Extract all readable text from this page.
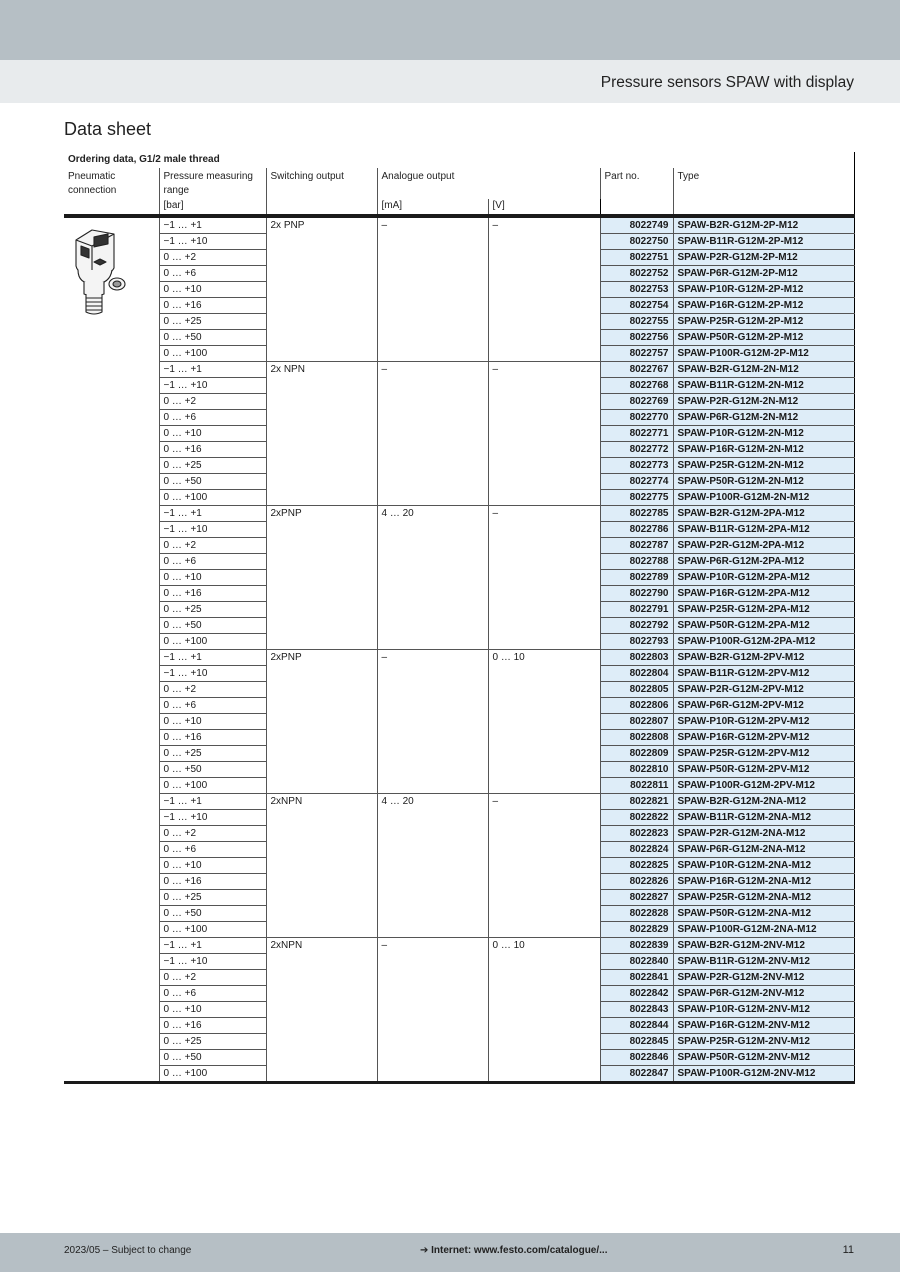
Pressure sensors SPAW with display
Data sheet
Ordering data, G1/2 male thread						
Pneumatic connection	Pressure measuring range	Switching output	Analogue output		Part no.	Type
	[bar]		[mA]	[V]		

	−1 … +1	2x PNP	–	–	8022749	SPAW-B2R-G12M-2P-M12
	−1 … +10				8022750	SPAW-B11R-G12M-2P-M12
	0 … +2				8022751	SPAW-P2R-G12M-2P-M12
	0 … +6				8022752	SPAW-P6R-G12M-2P-M12
	0 … +10				8022753	SPAW-P10R-G12M-2P-M12
	0 … +16				8022754	SPAW-P16R-G12M-2P-M12
	0 … +25				8022755	SPAW-P25R-G12M-2P-M12
	0 … +50				8022756	SPAW-P50R-G12M-2P-M12
	0 … +100				8022757	SPAW-P100R-G12M-2P-M12
	−1 … +1	2x NPN	–	–	8022767	SPAW-B2R-G12M-2N-M12
	−1 … +10				8022768	SPAW-B11R-G12M-2N-M12
	0 … +2				8022769	SPAW-P2R-G12M-2N-M12
	0 … +6				8022770	SPAW-P6R-G12M-2N-M12
	0 … +10				8022771	SPAW-P10R-G12M-2N-M12
	0 … +16				8022772	SPAW-P16R-G12M-2N-M12
	0 … +25				8022773	SPAW-P25R-G12M-2N-M12
	0 … +50				8022774	SPAW-P50R-G12M-2N-M12
	0 … +100				8022775	SPAW-P100R-G12M-2N-M12
	−1 … +1	2xPNP	4 … 20	–	8022785	SPAW-B2R-G12M-2PA-M12
	−1 … +10				8022786	SPAW-B11R-G12M-2PA-M12
	0 … +2				8022787	SPAW-P2R-G12M-2PA-M12
	0 … +6				8022788	SPAW-P6R-G12M-2PA-M12
	0 … +10				8022789	SPAW-P10R-G12M-2PA-M12
	0 … +16				8022790	SPAW-P16R-G12M-2PA-M12
	0 … +25				8022791	SPAW-P25R-G12M-2PA-M12
	0 … +50				8022792	SPAW-P50R-G12M-2PA-M12
	0 … +100				8022793	SPAW-P100R-G12M-2PA-M12
	−1 … +1	2xPNP	–	0 … 10	8022803	SPAW-B2R-G12M-2PV-M12
	−1 … +10				8022804	SPAW-B11R-G12M-2PV-M12
	0 … +2				8022805	SPAW-P2R-G12M-2PV-M12
	0 … +6				8022806	SPAW-P6R-G12M-2PV-M12
	0 … +10				8022807	SPAW-P10R-G12M-2PV-M12
	0 … +16				8022808	SPAW-P16R-G12M-2PV-M12
	0 … +25				8022809	SPAW-P25R-G12M-2PV-M12
	0 … +50				8022810	SPAW-P50R-G12M-2PV-M12
	0 … +100				8022811	SPAW-P100R-G12M-2PV-M12
	−1 … +1	2xNPN	4 … 20	–	8022821	SPAW-B2R-G12M-2NA-M12
	−1 … +10				8022822	SPAW-B11R-G12M-2NA-M12
	0 … +2				8022823	SPAW-P2R-G12M-2NA-M12
	0 … +6				8022824	SPAW-P6R-G12M-2NA-M12
	0 … +10				8022825	SPAW-P10R-G12M-2NA-M12
	0 … +16				8022826	SPAW-P16R-G12M-2NA-M12
	0 … +25				8022827	SPAW-P25R-G12M-2NA-M12
	0 … +50				8022828	SPAW-P50R-G12M-2NA-M12
	0 … +100				8022829	SPAW-P100R-G12M-2NA-M12
	−1 … +1	2xNPN	–	0 … 10	8022839	SPAW-B2R-G12M-2NV-M12
	−1 … +10				8022840	SPAW-B11R-G12M-2NV-M12
	0 … +2				8022841	SPAW-P2R-G12M-2NV-M12
	0 … +6				8022842	SPAW-P6R-G12M-2NV-M12
	0 … +10				8022843	SPAW-P10R-G12M-2NV-M12
	0 … +16				8022844	SPAW-P16R-G12M-2NV-M12
	0 … +25				8022845	SPAW-P25R-G12M-2NV-M12
	0 … +50				8022846	SPAW-P50R-G12M-2NV-M12
	0 … +100				8022847	SPAW-P100R-G12M-2NV-M12
2023/05 – Subject to change	➔ Internet: www.festo.com/catalogue/...	11
